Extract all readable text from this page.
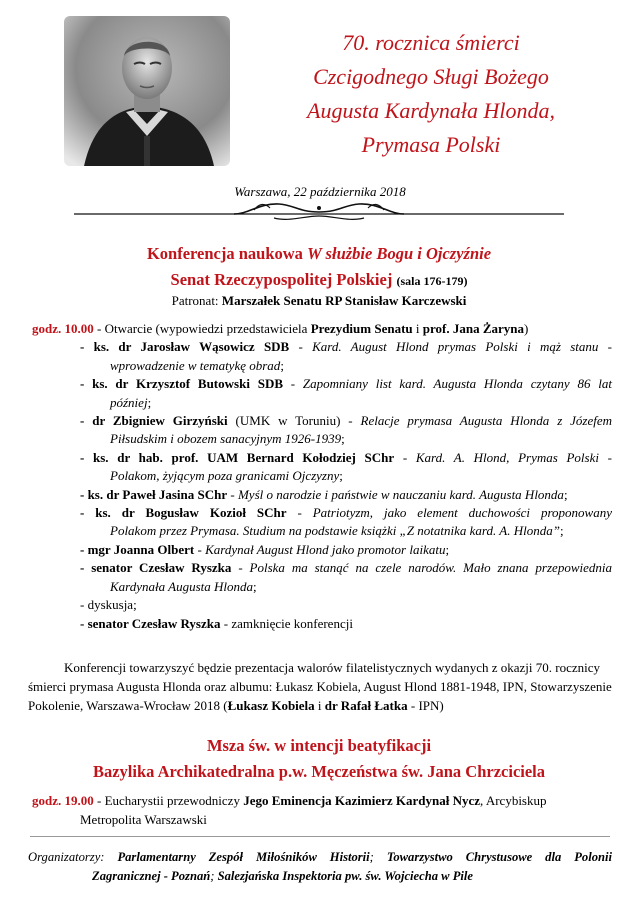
70. rocznica śmierci
Czcigodnego Sługi Bożego
Augusta Kardynała Hlonda,
Prymasa Polski
Warszawa, 22 października 2018
Konferencja naukowa W służbie Bogu i Ojczyźnie
Senat Rzeczypospolitej Polskiej (sala 176-179)
Patronat: Marszałek Senatu RP Stanisław Karczewski
godz. 10.00 - Otwarcie (wypowiedzi przedstawiciela Prezydium Senatu i prof. Jana Żaryna)
- ks. dr Jarosław Wąsowicz SDB - Kard. August Hlond prymas Polski i mąż stanu -
wprowadzenie w tematykę obrad;
- ks. dr Krzysztof Butowski SDB - Zapomniany list kard. Augusta Hlonda czytany 86 lat
później;
- dr Zbigniew Girzyński (UMK w Toruniu) - Relacje prymasa Augusta Hlonda z Józefem
Piłsudskim i obozem sanacyjnym 1926-1939;
- ks. dr hab. prof. UAM Bernard Kołodziej SChr - Kard. A. Hlond, Prymas Polski -
Polakom, żyjącym poza granicami Ojczyzny;
- ks. dr Paweł Jasina SChr - Myśl o narodzie i państwie w nauczaniu kard. Augusta Hlonda;
- ks. dr Bogusław Kozioł SChr - Patriotyzm, jako element duchowości proponowany
Polakom przez Prymasa. Studium na podstawie książki „Z notatnika kard. A. Hlonda”;
- mgr Joanna Olbert - Kardynał August Hlond jako promotor laikatu;
- senator Czesław Ryszka - Polska ma stanąć na czele narodów. Mało znana przepowiednia
Kardynała Augusta Hlonda;
- dyskusja;
- senator Czesław Ryszka - zamknięcie konferencji
Konferencji towarzyszyć będzie prezentacja walorów filatelistycznych wydanych z okazji 70. rocznicy śmierci prymasa Augusta Hlonda oraz albumu: Łukasz Kobiela, August Hlond 1881-1948, IPN, Stowarzyszenie Pokolenie, Warszawa-Wrocław 2018 (Łukasz Kobiela i dr Rafał Łatka - IPN)
Msza św. w intencji beatyfikacji
Bazylika Archikatedralna p.w. Męczeństwa św. Jana Chrzciciela
godz. 19.00 - Eucharystii przewodniczy Jego Eminencja Kazimierz Kardynał Nycz, Arcybiskup
Metropolita Warszawski
Organizatorzy: Parlamentarny Zespół Miłośników Historii; Towarzystwo Chrystusowe dla Polonii
Zagranicznej - Poznań; Salezjańska Inspektoria pw. św. Wojciecha w Pile
